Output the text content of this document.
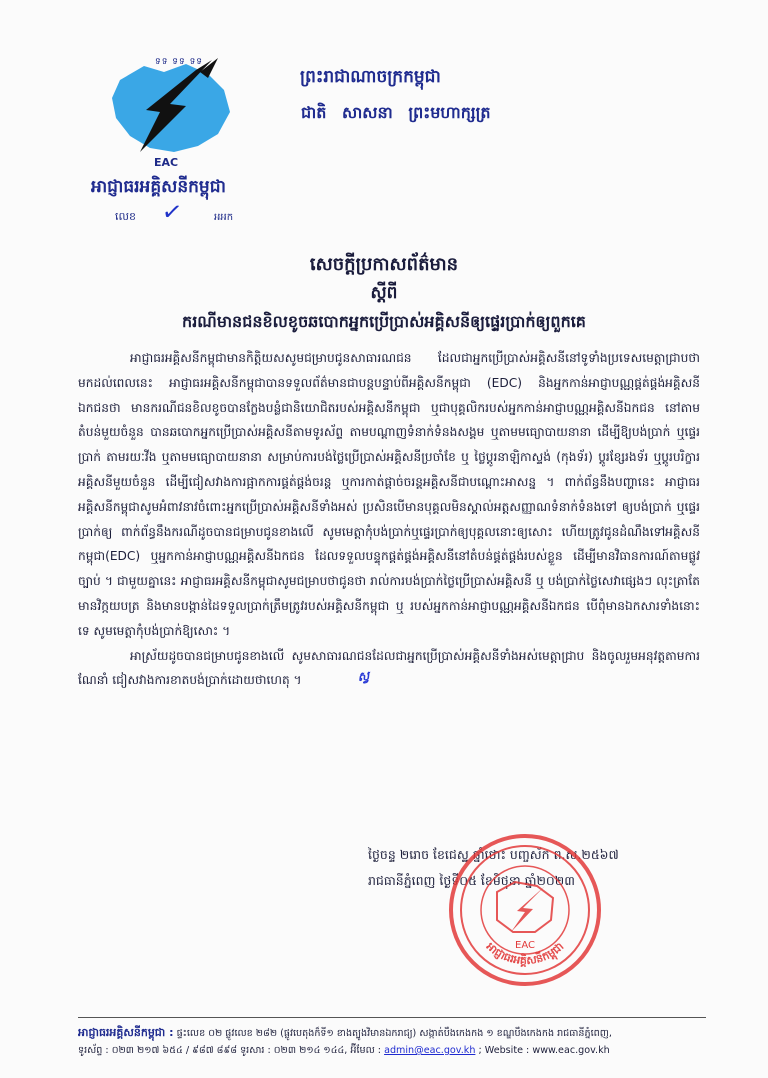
ទទ ទទ ទទ
EAC
អាជ្ញាធរអគ្គិសនីកម្ពុជា
លេខ ✓	អអក
ព្រះរាជាណាចក្រកម្ពុជា
ជាតិ សាសនា ព្រះមហាក្សត្រ
សេចក្តីប្រកាសព័ត៌មាន
ស្តីពី
ករណីមានជនខិលខូចឆបោកអ្នកប្រើប្រាស់អគ្គិសនីឲ្យផ្ទេរប្រាក់ឲ្យពួកគេ

អាជ្ញាធរអគ្គិសនីកម្ពុជាមានកិត្តិយសសូមជម្រាបជូនសាធារណជន ដែលជាអ្នកប្រើប្រាស់អគ្គិសនីនៅទូទាំងប្រទេសមេត្តាជ្រាបថា មកដល់ពេលនេះ អាជ្ញាធរអគ្គិសនីកម្ពុជាបានទទួលព័ត៌មានជាបន្តបន្ទាប់ពីអគ្គិសនីកម្ពុជា (EDC) និងអ្នកកាន់អាជ្ញាបណ្ណផ្គត់ផ្គង់អគ្គិសនីឯកជនថា មានករណីជនខិលខូចបានក្លែងបន្លំជានិយោជិតរបស់អគ្គិសនីកម្ពុជា ឬជាបុគ្គលិករបស់អ្នកកាន់អាជ្ញាបណ្ណអគ្គិសនីឯកជន នៅតាមតំបន់មួយចំនួន បានឆបោកអ្នកប្រើប្រាស់អគ្គិសនីតាមទូរស័ព្ទ តាមបណ្តាញទំនាក់ទំនងសង្គម ឬតាមមធ្យោបាយនានា ដើម្បីឱ្យបង់ប្រាក់ ឬផ្ទេរប្រាក់ តាមរយៈវីង ឬតាមមធ្យោបាយនានា សម្រាប់ការបង់ថ្លៃប្រើប្រាស់អគ្គិសនីប្រចាំខែ ឬ ថ្លៃប្តូរនាឡិកាស្ទង់ (កុងទ័រ) ប្តូរខ្សែរងទ័រ ឬប្តូរបរិក្ខារអគ្គិសនីមួយចំនួន ដើម្បីជៀសវាងការផ្អាកការផ្គត់ផ្គង់ចរន្ត ឬការកាត់ផ្តាច់ចរន្តអគ្គិសនីជាបណ្តោះអាសន្ន ។ ពាក់ព័ន្ធនឹងបញ្ហានេះ អាជ្ញាធរអគ្គិសនីកម្ពុជាសូមអំពាវនាវចំពោះអ្នកប្រើប្រាស់អគ្គិសនីទាំងអស់ ប្រសិនបើមានបុគ្គលមិនស្គាល់អត្តសញ្ញាណទំនាក់ទំនងទៅ ឲ្យបង់ប្រាក់ ឬផ្ទេរប្រាក់ឲ្យ ពាក់ព័ន្ធនឹងករណីដូចបានជម្រាបជូនខាងលើ សូមមេត្តាកុំបង់ប្រាក់ឬផ្ទេរប្រាក់ឲ្យបុគ្គលនោះឲ្យសោះ ហើយត្រូវជូនដំណឹងទៅអគ្គិសនីកម្ពុជា(EDC) ឬអ្នកកាន់អាជ្ញាបណ្ណអគ្គិសនីឯកជន ដែលទទួលបន្ទុកផ្គត់ផ្គង់អគ្គិសនីនៅតំបន់ផ្គត់ផ្គង់របស់ខ្លួន ដើម្បីមានវិធានការណ៍តាមផ្លូវច្បាប់ ។ ជាមួយគ្នានេះ អាជ្ញាធរអគ្គិសនីកម្ពុជាសូមជម្រាបថាជូនថា រាល់ការបង់ប្រាក់ថ្លៃប្រើប្រាស់អគ្គិសនី ឬ បង់ប្រាក់ថ្លៃសេវាផ្សេងៗ លុះត្រាតែមានវិក្កយបត្រ និងមានបង្កាន់ដៃទទួលប្រាក់ត្រឹមត្រូវរបស់អគ្គិសនីកម្ពុជា ឬ របស់អ្នកកាន់អាជ្ញាបណ្ណអគ្គិសនីឯកជន បើពុំមានឯកសារទាំងនោះទេ សូមមេត្តាកុំបង់ប្រាក់ឱ្យសោះ ។

អាស្រ័យដូចបានជម្រាបជូនខាងលើ សូមសាធារណជនដែលជាអ្នកប្រើប្រាស់អគ្គិសនីទាំងអស់មេត្តាជ្រាប និងចូលរួមអនុវត្តតាមការណែនាំ ជៀសវាងការខាតបង់ប្រាក់ដោយថាហេតុ ។	ស្វ

ថ្ងៃចន្ទ ២រោច ខែជេស្ឋ ឆ្នាំថោះ បញ្ចស័ក ព.ស.២៥៦៧
រាជធានីភ្នំពេញ ថ្ងៃទី០៥ ខែមិថុនា ឆ្នាំ២០២៣
EAC
អាជ្ញាធរអគ្គិសនីកម្ពុជា
អាជ្ញាធរអគ្គិសនីកម្ពុជា : ផ្ទះលេខ ០២ ផ្លូវលេខ ២៨២ (ផ្លូវបេតុងក៏ទី១ ខាងត្បូងវិមានឯករាជ្យ) សង្កាត់បឹងកេងកង ១ ខណ្ឌបឹងកេងកង រាជធានីភ្នំពេញ,
ទូរស័ព្ទ : ០២៣ ២១៧ ៦៥៤ / ៩៨៧ ៨៩៨ ទូរសារ : ០២៣ ២១៤ ១៤៤, អ៊ីមែល : admin@eac.gov.kh ; Website : www.eac.gov.kh
